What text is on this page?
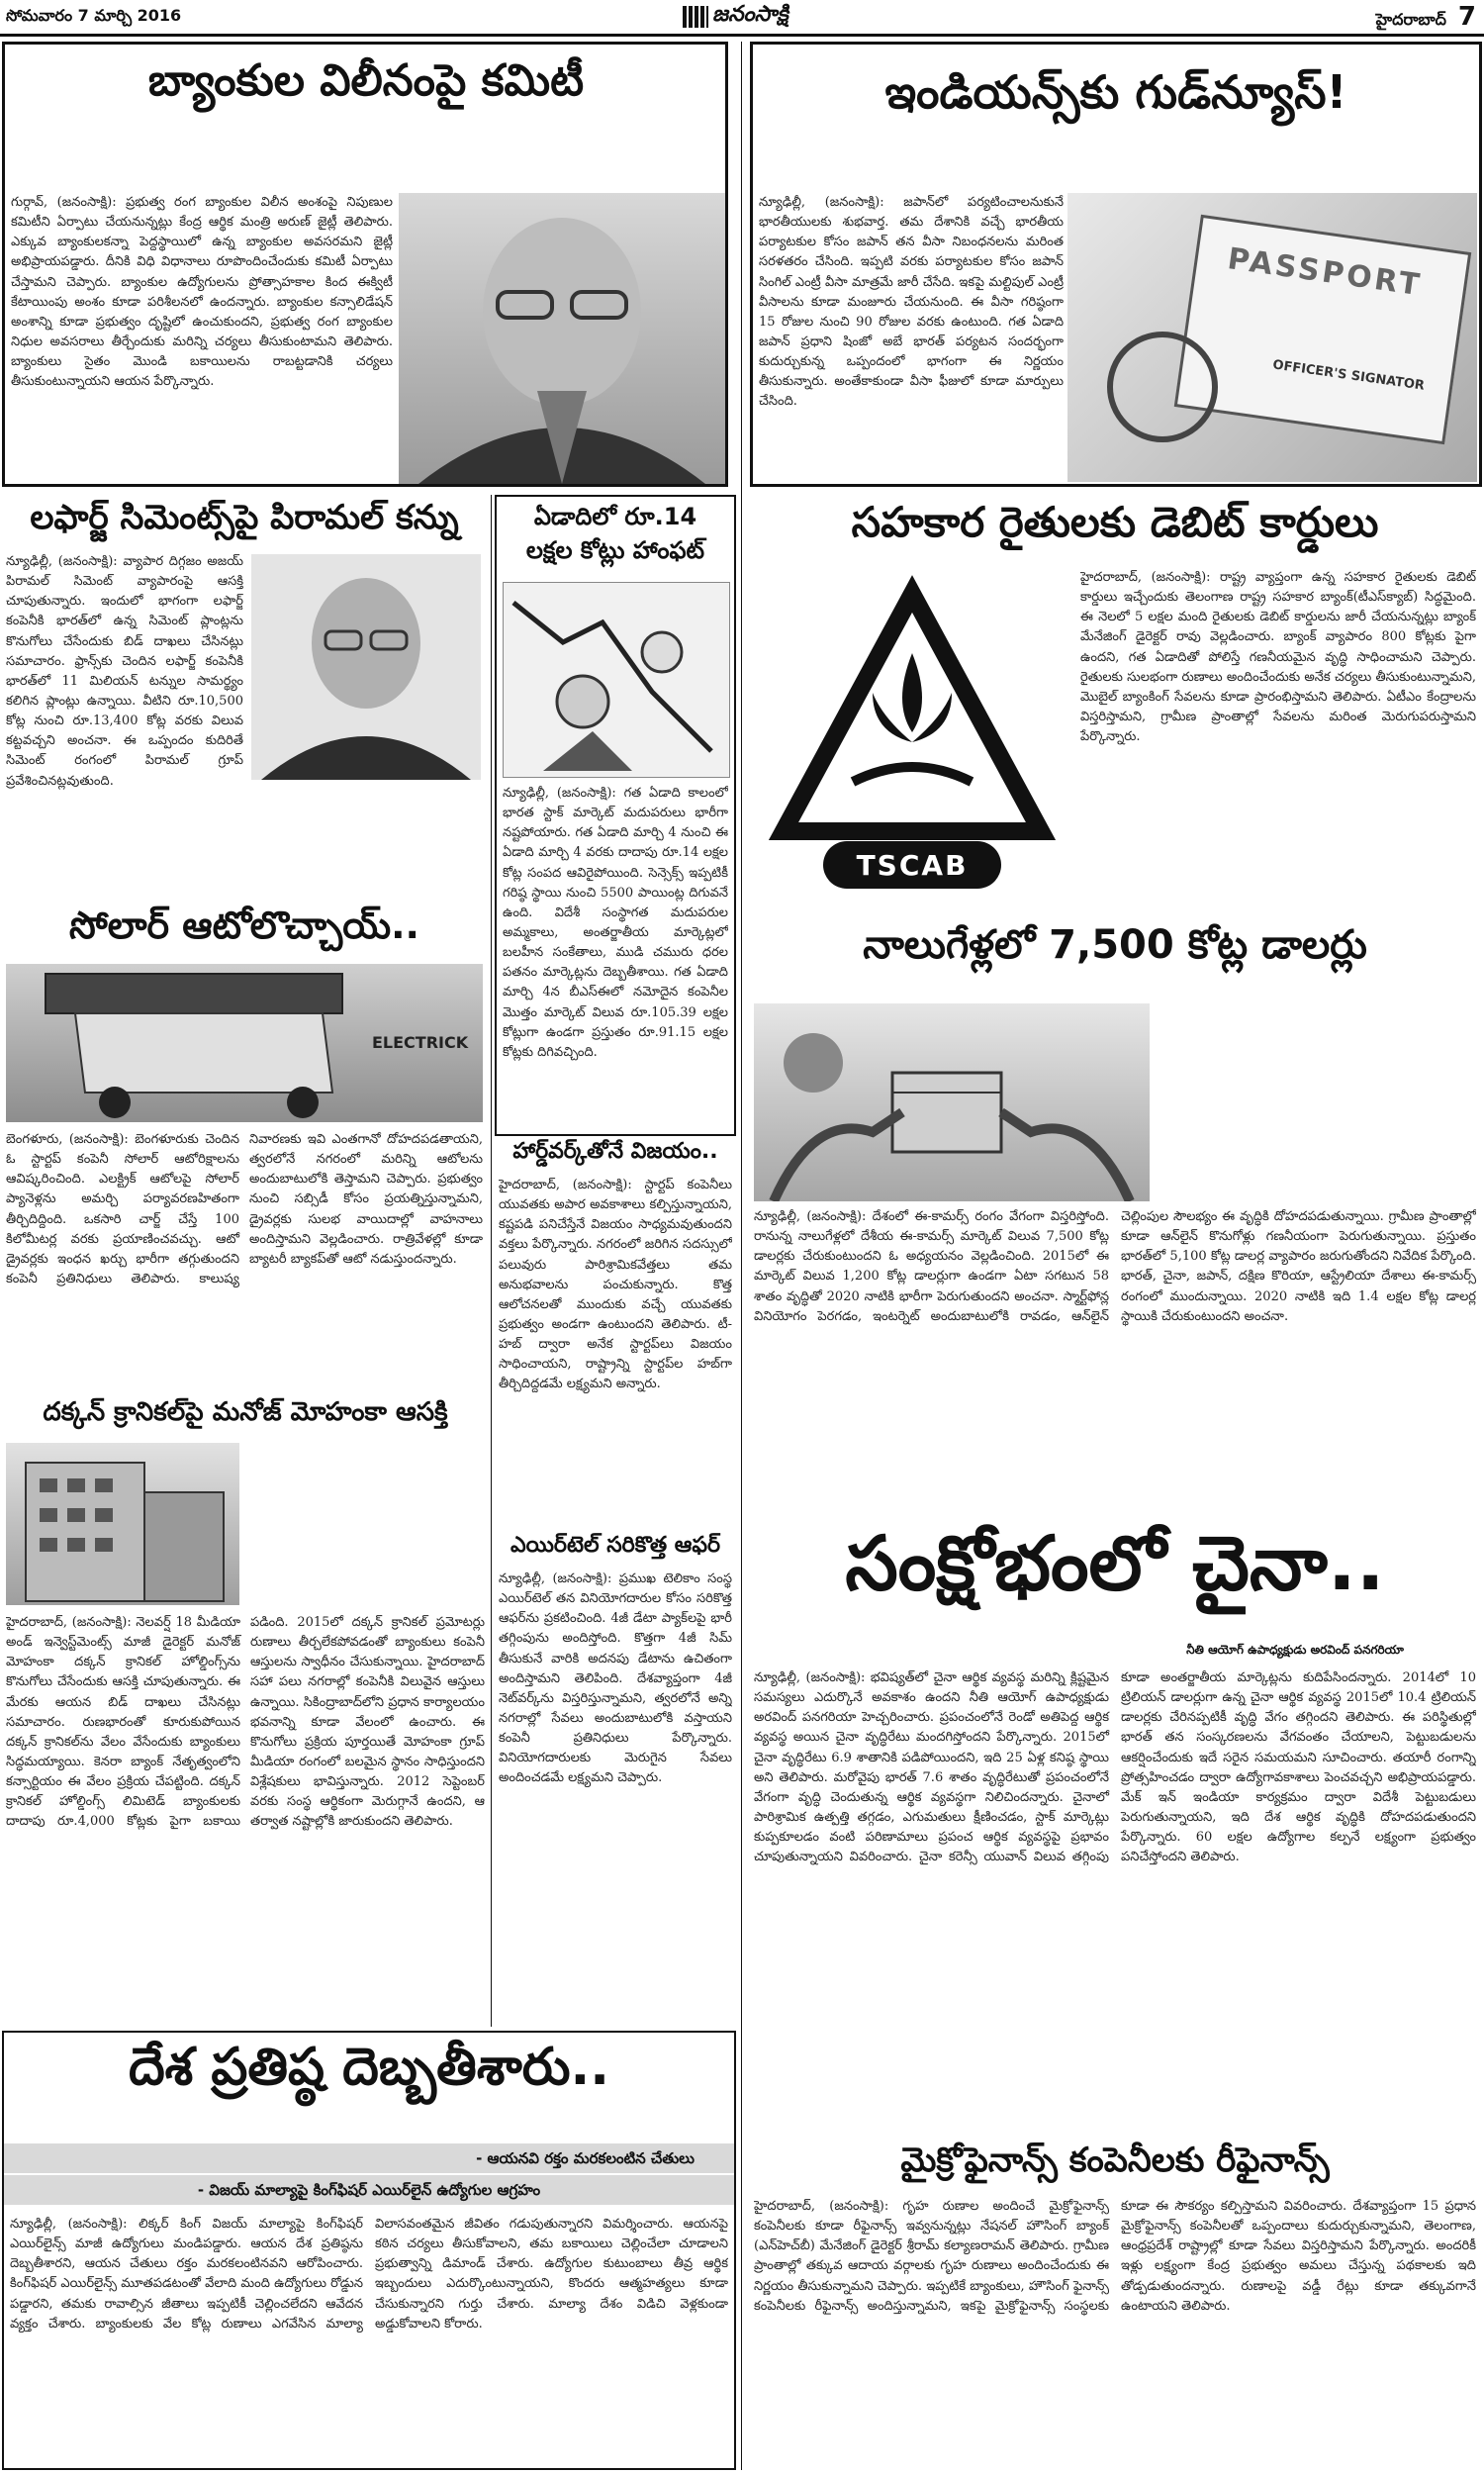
సోమవారం 7 మార్చి 2016	జనంసాక్షి	హైదరాబాద్ 7
బ్యాంకుల విలీనంపై కమిటీ
గుర్గావ్, (జనంసాక్షి): ప్రభుత్వ రంగ బ్యాంకుల విలీన అంశంపై నిపుణుల కమిటీని ఏర్పాటు చేయనున్నట్లు కేంద్ర ఆర్థిక మంత్రి అరుణ్ జైట్లీ తెలిపారు. ఎక్కువ బ్యాంకులకన్నా పెద్దస్థాయిలో ఉన్న బ్యాంకుల అవసరమని జైట్లీ అభిప్రాయపడ్డారు. దీనికి విధి విధానాలు రూపొందించేందుకు కమిటీ ఏర్పాటు చేస్తామని చెప్పారు. బ్యాంకుల ఉద్యోగులను ప్రోత్సాహకాల కింద ఈక్విటీ కేటాయింపు అంశం కూడా పరిశీలనలో ఉందన్నారు. బ్యాంకుల కన్సాలిడేషన్ అంశాన్ని కూడా ప్రభుత్వం దృష్టిలో ఉంచుకుందని, ప్రభుత్వ రంగ బ్యాంకుల నిధుల అవసరాలు తీర్చేందుకు మరిన్ని చర్యలు తీసుకుంటామని తెలిపారు. బ్యాంకులు సైతం మొండి బకాయిలను రాబట్టడానికి చర్యలు తీసుకుంటున్నాయని ఆయన పేర్కొన్నారు.
ఇండియన్స్‌కు గుడ్‌న్యూస్!
న్యూఢిల్లీ, (జనంసాక్షి): జపాన్‌లో పర్యటించాలనుకునే భారతీయులకు శుభవార్త. తమ దేశానికి వచ్చే భారతీయ పర్యాటకుల కోసం జపాన్ తన వీసా నిబంధనలను మరింత సరళతరం చేసింది. ఇప్పటి వరకు పర్యాటకుల కోసం జపాన్ సింగిల్ ఎంట్రీ వీసా మాత్రమే జారీ చేసేది. ఇకపై మల్టిపుల్ ఎంట్రీ వీసాలను కూడా మంజూరు చేయనుంది. ఈ వీసా గరిష్ఠంగా 15 రోజుల నుంచి 90 రోజుల వరకు ఉంటుంది. గత ఏడాది జపాన్ ప్రధాని షింజో అబే భారత్ పర్యటన సందర్భంగా కుదుర్చుకున్న ఒప్పందంలో భాగంగా ఈ నిర్ణయం తీసుకున్నారు. అంతేకాకుండా వీసా ఫీజులో కూడా మార్పులు చేసింది.
PASSPORT
OFFICER'S SIGNATOR
లఫార్జ్ సిమెంట్స్‌పై పిరామల్ కన్ను
న్యూఢిల్లీ, (జనంసాక్షి): వ్యాపార దిగ్గజం అజయ్ పిరామల్ సిమెంట్ వ్యాపారంపై ఆసక్తి చూపుతున్నారు. ఇందులో భాగంగా లఫార్జ్ కంపెనీకి భారత్‌లో ఉన్న సిమెంట్ ప్లాంట్లను కొనుగోలు చేసేందుకు బిడ్ దాఖలు చేసినట్లు సమాచారం. ఫ్రాన్స్‌కు చెందిన లఫార్జ్ కంపెనీకి భారత్‌లో 11 మిలియన్ టన్నుల సామర్థ్యం కలిగిన ప్లాంట్లు ఉన్నాయి. వీటిని రూ.10,500 కోట్ల నుంచి రూ.13,400 కోట్ల వరకు విలువ కట్టవచ్చని అంచనా. ఈ ఒప్పందం కుదిరితే సిమెంట్ రంగంలో పిరామల్ గ్రూప్ ప్రవేశించినట్లవుతుంది.
ఏడాదిలో రూ.14
లక్షల కోట్లు హాంఫట్
న్యూఢిల్లీ, (జనంసాక్షి): గత ఏడాది కాలంలో భారత స్టాక్ మార్కెట్ మదుపరులు భారీగా నష్టపోయారు. గత ఏడాది మార్చి 4 నుంచి ఈ ఏడాది మార్చి 4 వరకు దాదాపు రూ.14 లక్షల కోట్ల సంపద ఆవిరైపోయింది. సెన్సెక్స్ ఇప్పటికీ గరిష్ఠ స్థాయి నుంచి 5500 పాయింట్ల దిగువనే ఉంది. విదేశీ సంస్థాగత మదుపరుల అమ్మకాలు, అంతర్జాతీయ మార్కెట్లలో బలహీన సంకేతాలు, ముడి చమురు ధరల పతనం మార్కెట్లను దెబ్బతీశాయి. గత ఏడాది మార్చి 4న బీఎస్‌ఈలో నమోదైన కంపెనీల మొత్తం మార్కెట్ విలువ రూ.105.39 లక్షల కోట్లుగా ఉండగా ప్రస్తుతం రూ.91.15 లక్షల కోట్లకు దిగివచ్చింది.
హార్డ్‌వర్క్‌తోనే విజయం..
హైదరాబాద్, (జనంసాక్షి): స్టార్టప్ కంపెనీలు యువతకు అపార అవకాశాలు కల్పిస్తున్నాయని, కష్టపడి పనిచేస్తేనే విజయం సాధ్యమవుతుందని వక్తలు పేర్కొన్నారు. నగరంలో జరిగిన సదస్సులో పలువురు పారిశ్రామికవేత్తలు తమ అనుభవాలను పంచుకున్నారు. కొత్త ఆలోచనలతో ముందుకు వచ్చే యువతకు ప్రభుత్వం అండగా ఉంటుందని తెలిపారు. టీ-హబ్ ద్వారా అనేక స్టార్టప్‌లు విజయం సాధించాయని, రాష్ట్రాన్ని స్టార్టప్‌ల హబ్‌గా తీర్చిదిద్దడమే లక్ష్యమని అన్నారు.
ఎయిర్‌టెల్ సరికొత్త ఆఫర్
న్యూఢిల్లీ, (జనంసాక్షి): ప్రముఖ టెలికాం సంస్థ ఎయిర్‌టెల్ తన వినియోగదారుల కోసం సరికొత్త ఆఫర్‌ను ప్రకటించింది. 4జీ డేటా ప్యాక్‌లపై భారీ తగ్గింపును అందిస్తోంది. కొత్తగా 4జీ సిమ్ తీసుకునే వారికి అదనపు డేటాను ఉచితంగా అందిస్తామని తెలిపింది. దేశవ్యాప్తంగా 4జీ నెట్‌వర్క్‌ను విస్తరిస్తున్నామని, త్వరలోనే అన్ని నగరాల్లో సేవలు అందుబాటులోకి వస్తాయని కంపెనీ ప్రతినిధులు పేర్కొన్నారు. వినియోగదారులకు మెరుగైన సేవలు అందించడమే లక్ష్యమని చెప్పారు.
సోలార్ ఆటోలొచ్చాయ్..
ELECTRICK
బెంగళూరు, (జనంసాక్షి): బెంగళూరుకు చెందిన ఓ స్టార్టప్ కంపెనీ సోలార్ ఆటోరిక్షాలను ఆవిష్కరించింది. ఎలక్ట్రిక్ ఆటోలపై సోలార్ ప్యానెళ్లను అమర్చి పర్యావరణహితంగా తీర్చిదిద్దింది. ఒకసారి చార్జ్ చేస్తే 100 కిలోమీటర్ల వరకు ప్రయాణించవచ్చు. ఆటో డ్రైవర్లకు ఇంధన ఖర్చు భారీగా తగ్గుతుందని కంపెనీ ప్రతినిధులు తెలిపారు. కాలుష్య నివారణకు ఇవి ఎంతగానో దోహదపడతాయని, త్వరలోనే నగరంలో మరిన్ని ఆటోలను అందుబాటులోకి తెస్తామని చెప్పారు. ప్రభుత్వం నుంచి సబ్సిడీ కోసం ప్రయత్నిస్తున్నామని, డ్రైవర్లకు సులభ వాయిదాల్లో వాహనాలు అందిస్తామని వెల్లడించారు. రాత్రివేళల్లో కూడా బ్యాటరీ బ్యాకప్‌తో ఆటో నడుస్తుందన్నారు.
దక్కన్ క్రానికల్‌పై మనోజ్ మోహంకా ఆసక్తి
హైదరాబాద్, (జనంసాక్షి): నెలవర్ష్ 18 మీడియా అండ్ ఇన్వెస్ట్‌మెంట్స్ మాజీ డైరెక్టర్ మనోజ్ మోహంకా దక్కన్ క్రానికల్ హోల్డింగ్స్‌ను కొనుగోలు చేసేందుకు ఆసక్తి చూపుతున్నారు. ఈ మేరకు ఆయన బిడ్ దాఖలు చేసినట్లు సమాచారం. రుణభారంతో కూరుకుపోయిన దక్కన్ క్రానికల్‌ను వేలం వేసేందుకు బ్యాంకులు సిద్ధమయ్యాయి. కెనరా బ్యాంక్ నేతృత్వంలోని కన్సార్టియం ఈ వేలం ప్రక్రియ చేపట్టింది. దక్కన్ క్రానికల్ హోల్డింగ్స్ లిమిటెడ్ బ్యాంకులకు దాదాపు రూ.4,000 కోట్లకు పైగా బకాయి పడింది. 2015లో దక్కన్ క్రానికల్ ప్రమోటర్లు రుణాలు తీర్చలేకపోవడంతో బ్యాంకులు కంపెనీ ఆస్తులను స్వాధీనం చేసుకున్నాయి. హైదరాబాద్ సహా పలు నగరాల్లో కంపెనీకి విలువైన ఆస్తులు ఉన్నాయి. సికింద్రాబాద్‌లోని ప్రధాన కార్యాలయం భవనాన్ని కూడా వేలంలో ఉంచారు. ఈ కొనుగోలు ప్రక్రియ పూర్తయితే మోహంకా గ్రూప్ మీడియా రంగంలో బలమైన స్థానం సాధిస్తుందని విశ్లేషకులు భావిస్తున్నారు. 2012 సెప్టెంబర్ వరకు సంస్థ ఆర్థికంగా మెరుగ్గానే ఉందని, ఆ తర్వాత నష్టాల్లోకి జారుకుందని తెలిపారు.
సహకార రైతులకు డెబిట్ కార్డులు
TSCAB
హైదరాబాద్, (జనంసాక్షి): రాష్ట్ర వ్యాప్తంగా ఉన్న సహకార రైతులకు డెబిట్ కార్డులు ఇచ్చేందుకు తెలంగాణ రాష్ట్ర సహకార బ్యాంక్(టీఎస్‌క్యాబ్) సిద్ధమైంది. ఈ నెలలో 5 లక్షల మంది రైతులకు డెబిట్ కార్డులను జారీ చేయనున్నట్లు బ్యాంక్ మేనేజింగ్ డైరెక్టర్ రావు వెల్లడించారు. బ్యాంక్ వ్యాపారం 800 కోట్లకు పైగా ఉందని, గత ఏడాదితో పోలిస్తే గణనీయమైన వృద్ధి సాధించామని చెప్పారు. రైతులకు సులభంగా రుణాలు అందించేందుకు అనేక చర్యలు తీసుకుంటున్నామని, మొబైల్ బ్యాంకింగ్ సేవలను కూడా ప్రారంభిస్తామని తెలిపారు. ఏటీఎం కేంద్రాలను విస్తరిస్తామని, గ్రామీణ ప్రాంతాల్లో సేవలను మరింత మెరుగుపరుస్తామని పేర్కొన్నారు.
నాలుగేళ్లలో 7,500 కోట్ల డాలర్లు
న్యూఢిల్లీ, (జనంసాక్షి): దేశంలో ఈ-కామర్స్ రంగం వేగంగా విస్తరిస్తోంది. రానున్న నాలుగేళ్లలో దేశీయ ఈ-కామర్స్ మార్కెట్ విలువ 7,500 కోట్ల డాలర్లకు చేరుకుంటుందని ఓ అధ్యయనం వెల్లడించింది. 2015లో ఈ మార్కెట్ విలువ 1,200 కోట్ల డాలర్లుగా ఉండగా ఏటా సగటున 58 శాతం వృద్ధితో 2020 నాటికి భారీగా పెరుగుతుందని అంచనా. స్మార్ట్‌ఫోన్ల వినియోగం పెరగడం, ఇంటర్నెట్ అందుబాటులోకి రావడం, ఆన్‌లైన్ చెల్లింపుల సౌలభ్యం ఈ వృద్ధికి దోహదపడుతున్నాయి. గ్రామీణ ప్రాంతాల్లో కూడా ఆన్‌లైన్ కొనుగోళ్లు గణనీయంగా పెరుగుతున్నాయి. ప్రస్తుతం భారత్‌లో 5,100 కోట్ల డాలర్ల వ్యాపారం జరుగుతోందని నివేదిక పేర్కొంది. భారత్, చైనా, జపాన్, దక్షిణ కొరియా, ఆస్ట్రేలియా దేశాలు ఈ-కామర్స్ రంగంలో ముందున్నాయి. 2020 నాటికి ఇది 1.4 లక్షల కోట్ల డాలర్ల స్థాయికి చేరుకుంటుందని అంచనా.
సంక్షోభంలో చైనా..
నీతి ఆయోగ్ ఉపాధ్యక్షుడు అరవింద్ పనగరియా
న్యూఢిల్లీ, (జనంసాక్షి): భవిష్యత్‌లో చైనా ఆర్థిక వ్యవస్థ మరిన్ని క్లిష్టమైన సమస్యలు ఎదుర్కొనే అవకాశం ఉందని నీతి ఆయోగ్ ఉపాధ్యక్షుడు అరవింద్ పనగరియా హెచ్చరించారు. ప్రపంచంలోనే రెండో అతిపెద్ద ఆర్థిక వ్యవస్థ అయిన చైనా వృద్ధిరేటు మందగిస్తోందని పేర్కొన్నారు. 2015లో చైనా వృద్ధిరేటు 6.9 శాతానికి పడిపోయిందని, ఇది 25 ఏళ్ల కనిష్ఠ స్థాయి అని తెలిపారు. మరోవైపు భారత్ 7.6 శాతం వృద్ధిరేటుతో ప్రపంచంలోనే వేగంగా వృద్ధి చెందుతున్న ఆర్థిక వ్యవస్థగా నిలిచిందన్నారు. చైనాలో పారిశ్రామిక ఉత్పత్తి తగ్గడం, ఎగుమతులు క్షీణించడం, స్టాక్ మార్కెట్లు కుప్పకూలడం వంటి పరిణామాలు ప్రపంచ ఆర్థిక వ్యవస్థపై ప్రభావం చూపుతున్నాయని వివరించారు. చైనా కరెన్సీ యువాన్ విలువ తగ్గింపు కూడా అంతర్జాతీయ మార్కెట్లను కుదిపేసిందన్నారు. 2014లో 10 ట్రిలియన్ డాలర్లుగా ఉన్న చైనా ఆర్థిక వ్యవస్థ 2015లో 10.4 ట్రిలియన్ డాలర్లకు చేరినప్పటికీ వృద్ధి వేగం తగ్గిందని తెలిపారు. ఈ పరిస్థితుల్లో భారత్ తన సంస్కరణలను వేగవంతం చేయాలని, పెట్టుబడులను ఆకర్షించేందుకు ఇదే సరైన సమయమని సూచించారు. తయారీ రంగాన్ని ప్రోత్సహించడం ద్వారా ఉద్యోగావకాశాలు పెంచవచ్చని అభిప్రాయపడ్డారు. మేక్ ఇన్ ఇండియా కార్యక్రమం ద్వారా విదేశీ పెట్టుబడులు పెరుగుతున్నాయని, ఇది దేశ ఆర్థిక వృద్ధికి దోహదపడుతుందని పేర్కొన్నారు. 60 లక్షల ఉద్యోగాల కల్పనే లక్ష్యంగా ప్రభుత్వం పనిచేస్తోందని తెలిపారు.
దేశ ప్రతిష్ఠ దెబ్బతీశారు..
- ఆయనవి రక్తం మరకలంటిన చేతులు
- విజయ్ మాల్యాపై కింగ్‌ఫిషర్ ఎయిర్‌లైన్ ఉద్యోగుల ఆగ్రహం
న్యూఢిల్లీ, (జనంసాక్షి): లిక్కర్ కింగ్ విజయ్ మాల్యాపై కింగ్‌ఫిషర్ ఎయిర్‌లైన్స్ మాజీ ఉద్యోగులు మండిపడ్డారు. ఆయన దేశ ప్రతిష్ఠను దెబ్బతీశారని, ఆయన చేతులు రక్తం మరకలంటినవని ఆరోపించారు. కింగ్‌ఫిషర్ ఎయిర్‌లైన్స్ మూతపడటంతో వేలాది మంది ఉద్యోగులు రోడ్డున పడ్డారని, తమకు రావాల్సిన జీతాలు ఇప్పటికీ చెల్లించలేదని ఆవేదన వ్యక్తం చేశారు. బ్యాంకులకు వేల కోట్ల రుణాలు ఎగవేసిన మాల్యా విలాసవంతమైన జీవితం గడుపుతున్నారని విమర్శించారు. ఆయనపై కఠిన చర్యలు తీసుకోవాలని, తమ బకాయిలు చెల్లించేలా చూడాలని ప్రభుత్వాన్ని డిమాండ్ చేశారు. ఉద్యోగుల కుటుంబాలు తీవ్ర ఆర్థిక ఇబ్బందులు ఎదుర్కొంటున్నాయని, కొందరు ఆత్మహత్యలు కూడా చేసుకున్నారని గుర్తు చేశారు. మాల్యా దేశం విడిచి వెళ్లకుండా అడ్డుకోవాలని కోరారు.
మైక్రోఫైనాన్స్ కంపెనీలకు రీఫైనాన్స్
హైదరాబాద్, (జనంసాక్షి): గృహ రుణాల అందించే మైక్రోఫైనాన్స్ కంపెనీలకు కూడా రీఫైనాన్స్ ఇవ్వనున్నట్లు నేషనల్ హౌసింగ్ బ్యాంక్ (ఎన్‌హెచ్‌బీ) మేనేజింగ్ డైరెక్టర్ శ్రీరామ్ కల్యాణరామన్ తెలిపారు. గ్రామీణ ప్రాంతాల్లో తక్కువ ఆదాయ వర్గాలకు గృహ రుణాలు అందించేందుకు ఈ నిర్ణయం తీసుకున్నామని చెప్పారు. ఇప్పటికే బ్యాంకులు, హౌసింగ్ ఫైనాన్స్ కంపెనీలకు రీఫైనాన్స్ అందిస్తున్నామని, ఇకపై మైక్రోఫైనాన్స్ సంస్థలకు కూడా ఈ సౌకర్యం కల్పిస్తామని వివరించారు. దేశవ్యాప్తంగా 15 ప్రధాన మైక్రోఫైనాన్స్ కంపెనీలతో ఒప్పందాలు కుదుర్చుకున్నామని, తెలంగాణ, ఆంధ్రప్రదేశ్ రాష్ట్రాల్లో కూడా సేవలు విస్తరిస్తామని పేర్కొన్నారు. అందరికీ ఇళ్లు లక్ష్యంగా కేంద్ర ప్రభుత్వం అమలు చేస్తున్న పథకాలకు ఇది తోడ్పడుతుందన్నారు. రుణాలపై వడ్డీ రేట్లు కూడా తక్కువగానే ఉంటాయని తెలిపారు.
